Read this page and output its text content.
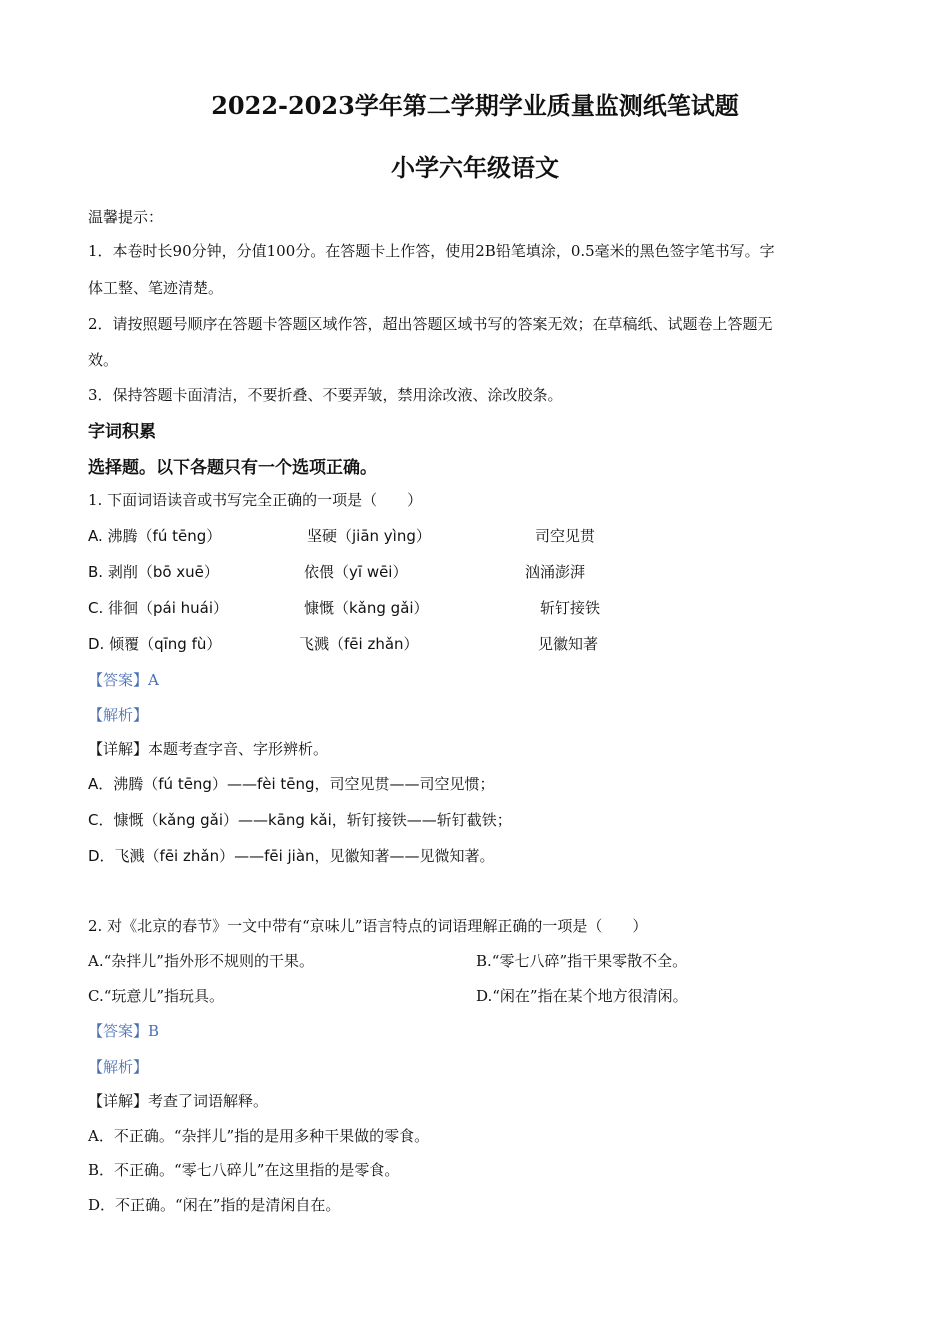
2022-2023学年第二学期学业质量监测纸笔试题
小学六年级语文
温馨提示：
1．本卷时长90分钟，分值100分。在答题卡上作答，使用2B铅笔填涂，0.5毫米的黑色签字笔书写。字
体工整、笔迹清楚。
2．请按照题号顺序在答题卡答题区域作答，超出答题区域书写的答案无效；在草稿纸、试题卷上答题无
效。
3．保持答题卡面清洁，不要折叠、不要弄皱，禁用涂改液、涂改胶条。
字词积累
选择题。以下各题只有一个选项正确。
1. 下面词语读音或书写完全正确的一项是（　　）
A. 沸腾（fú tēng）	坚硬（jiān yìng）	司空见贯
B. 剥削（bō xuē）	依偎（yī wēi）	汹涌澎湃
C. 徘徊（pái huái）	慷慨（kǎng gǎi）	斩钉接铁
D. 倾覆（qīng fù）	飞溅（fēi zhǎn）	见徽知著
【答案】A
【解析】
【详解】本题考查字音、字形辨析。
A．沸腾（fú tēng）——fèi tēng，司空见贯——司空见惯；
C．慷慨（kǎng gǎi）——kāng kǎi，斩钉接铁——斩钉截铁；
D．飞溅（fēi zhǎn）——fēi jiàn，见徽知著——见微知著。
2. 对《北京的春节》一文中带有“京味儿”语言特点的词语理解正确的一项是（　　）
A.“杂拌儿”指外形不规则的干果。	B.“零七八碎”指干果零散不全。
C.“玩意儿”指玩具。	D.“闲在”指在某个地方很清闲。
【答案】B
【解析】
【详解】考查了词语解释。
A．不正确。“杂拌儿”指的是用多种干果做的零食。
B．不正确。“零七八碎儿”在这里指的是零食。
D．不正确。“闲在”指的是清闲自在。
